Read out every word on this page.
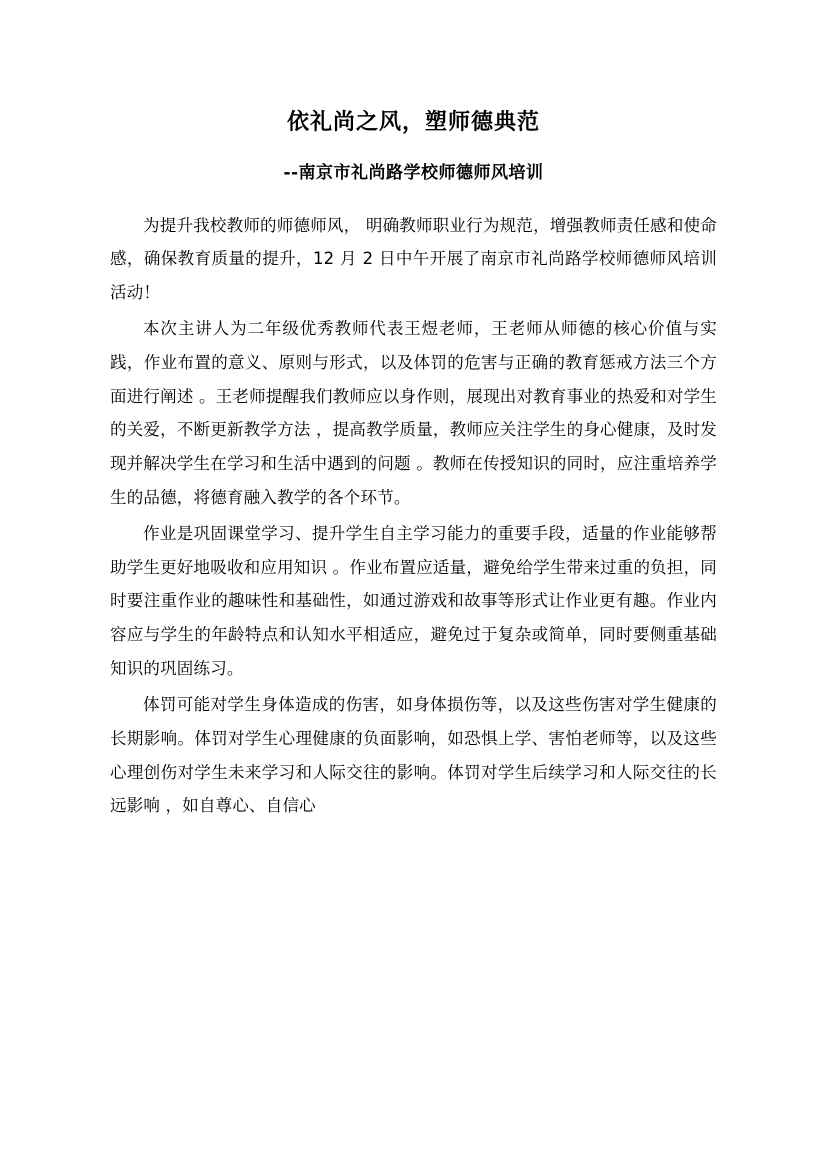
依礼尚之风，塑师德典范
--南京市礼尚路学校师德师风培训

为提升我校教师的师德师风， 明确教师职业行为规范，增强教师责任感和使命感，确保教育质量的提升，12 月 2 日中午开展了南京市礼尚路学校师德师风培训活动！

本次主讲人为二年级优秀教师代表王煜老师，王老师从师德的核心价值与实践，作业布置的意义、原则与形式，以及体罚的危害与正确的教育惩戒方法三个方面进行阐述 。王老师提醒我们教师应以身作则，展现出对教育事业的热爱和对学生的关爱，不断更新教学方法 ，提高教学质量，教师应关注学生的身心健康，及时发现并解决学生在学习和生活中遇到的问题 。教师在传授知识的同时，应注重培养学生的品德，将德育融入教学的各个环节。

作业是巩固课堂学习、提升学生自主学习能力的重要手段，适量的作业能够帮助学生更好地吸收和应用知识 。作业布置应适量，避免给学生带来过重的负担，同时要注重作业的趣味性和基础性，如通过游戏和故事等形式让作业更有趣。作业内容应与学生的年龄特点和认知水平相适应，避免过于复杂或简单，同时要侧重基础知识的巩固练习。

体罚可能对学生身体造成的伤害，如身体损伤等，以及这些伤害对学生健康的长期影响。体罚对学生心理健康的负面影响，如恐惧上学、害怕老师等，以及这些心理创伤对学生未来学习和人际交往的影响。体罚对学生后续学习和人际交往的长远影响 ，如自尊心、自信心
